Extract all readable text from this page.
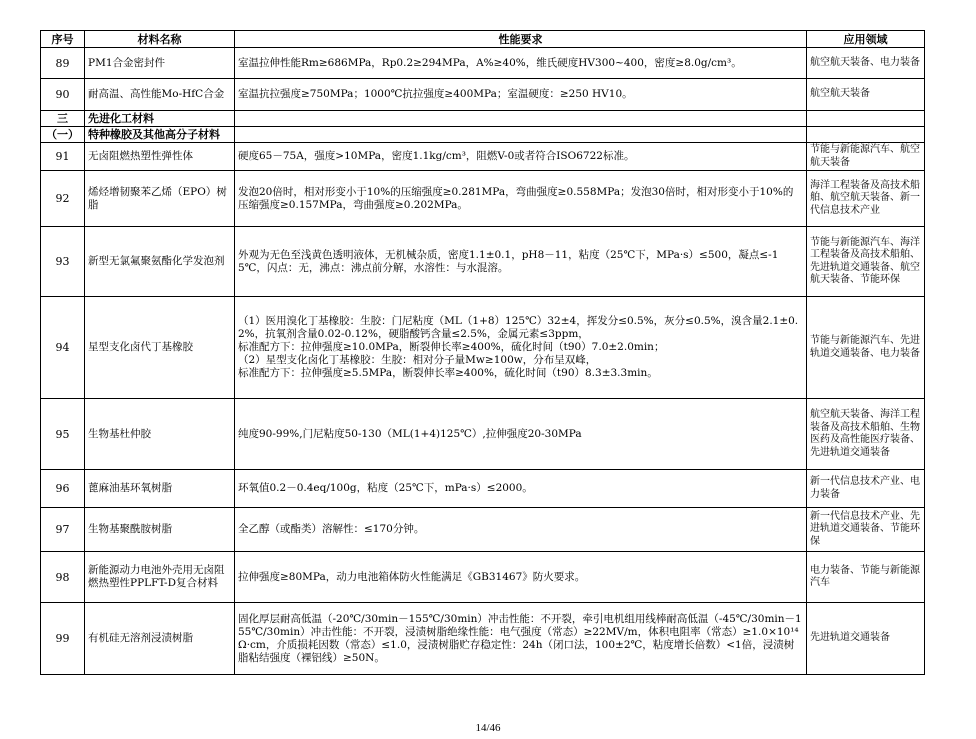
序号	材料名称	性能要求	应用领域
89	PM1合金密封件	室温拉伸性能Rm≥686MPa，Rp0.2≥294MPa，A%≥40%，维氏硬度HV300~400，密度≥8.0g/cm³。	航空航天装备、电力装备
90	耐高温、高性能Mo-HfC合金	室温抗拉强度≥750MPa；1000℃抗拉强度≥400MPa；室温硬度：≥250 HV10。	航空航天装备
三	先进化工材料		
（一）	特种橡胶及其他高分子材料		
91	无卤阻燃热塑性弹性体	硬度65－75A，强度>10MPa，密度1.1kg/cm³，阻燃V-0或者符合ISO6722标准。	节能与新能源汽车、航空航天装备
92	烯烃增韧聚苯乙烯（EPO）树脂	发泡20倍时，相对形变小于10%的压缩强度≥0.281MPa，弯曲强度≥0.558MPa；发泡30倍时，相对形变小于10%的压缩强度≥0.157MPa，弯曲强度≥0.202MPa。	海洋工程装备及高技术船舶、航空航天装备、新一代信息技术产业
93	新型无氯氟聚氨酯化学发泡剂	外观为无色至浅黄色透明液体，无机械杂质，密度1.1±0.1，pH8－11，粘度（25℃下，MPa·s）≤500，凝点≤-15℃，闪点：无，沸点：沸点前分解，水溶性：与水混溶。	节能与新能源汽车、海洋工程装备及高技术船舶、先进轨道交通装备、航空航天装备、节能环保
94	星型支化卤代丁基橡胶	（1）医用溴化丁基橡胶：生胶：门尼粘度（ML（1+8）125℃）32±4，挥发分≤0.5%，灰分≤0.5%，溴含量2.1±0.2%，抗氧剂含量0.02-0.12%，硬脂酸钙含量≤2.5%，金属元素≤3ppm，
标准配方下：拉伸强度≥10.0MPa，断裂伸长率≥400%，硫化时间（t90）7.0±2.0min；
（2）星型支化卤化丁基橡胶：生胶：相对分子量Mw≥100w，分布呈双峰，
标准配方下：拉伸强度≥5.5MPa，断裂伸长率≥400%，硫化时间（t90）8.3±3.3min。	节能与新能源汽车、先进轨道交通装备、电力装备
95	生物基杜仲胶	纯度90-99%,门尼粘度50-130（ML(1+4)125℃）,拉伸强度20-30MPa	航空航天装备、海洋工程装备及高技术船舶、生物医药及高性能医疗装备、先进轨道交通装备
96	蓖麻油基环氧树脂	环氧值0.2－0.4eq/100g，粘度（25℃下，mPa·s）≤2000。	新一代信息技术产业、电力装备
97	生物基聚酰胺树脂	全乙醇（或酯类）溶解性：≤170分钟。	新一代信息技术产业、先进轨道交通装备、节能环保
98	新能源动力电池外壳用无卤阻燃热塑性PPLFT-D复合材料	拉伸强度≥80MPa，动力电池箱体防火性能满足《GB31467》防火要求。	电力装备、节能与新能源汽车
99	有机硅无溶剂浸渍树脂	固化厚层耐高低温（-20℃/30min－155℃/30min）冲击性能：不开裂，牵引电机组用线棒耐高低温（-45℃/30min－155℃/30min）冲击性能：不开裂，浸渍树脂绝缘性能：电气强度（常态）≥22MV/m，体积电阻率（常态）≥1.0×10¹⁴Ω·cm，介质损耗因数（常态）≤1.0，浸渍树脂贮存稳定性：24h（闭口法，100±2℃，粘度增长倍数）<1倍，浸渍树脂粘结强度（裸铝线）≥50N。	先进轨道交通装备
14/46
